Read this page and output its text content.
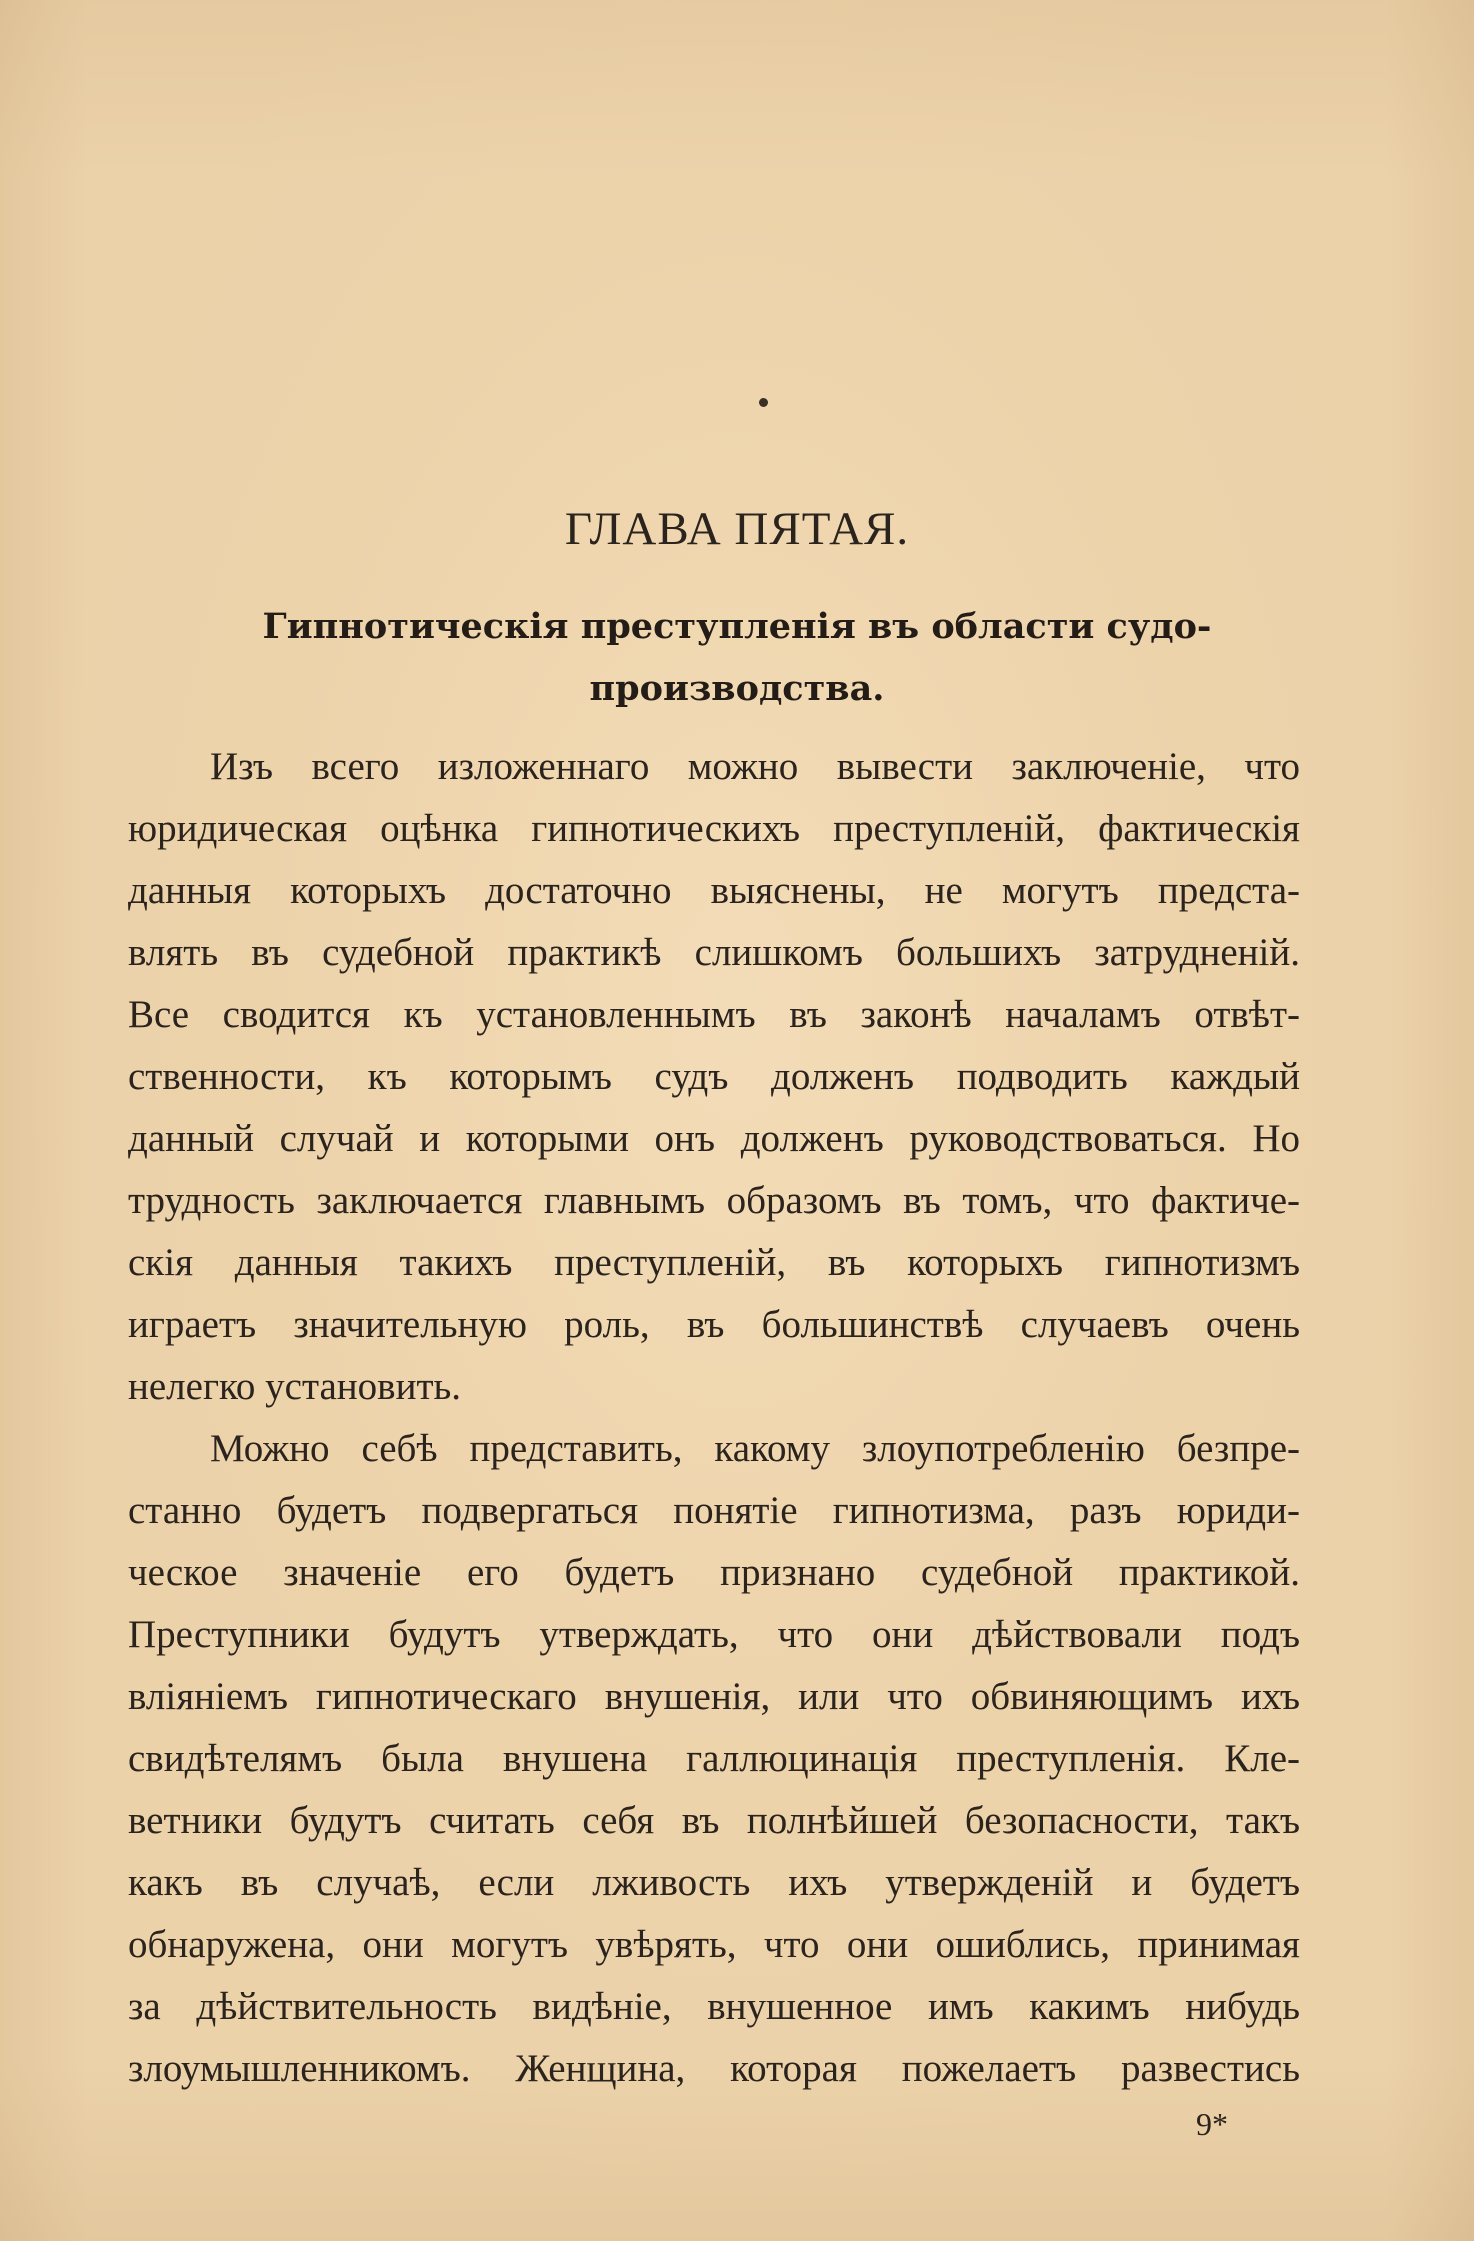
ГЛАВА ПЯТАЯ.
Гипнотическія преступленія въ области судо-
производства.
Изъ всего изложеннаго можно вывести заключеніе, что
юридическая оцѣнка гипнотическихъ преступленій, фактическія
данныя которыхъ достаточно выяснены, не могутъ предста-
влять въ судебной практикѣ слишкомъ большихъ затрудненій.
Все сводится къ установленнымъ въ законѣ началамъ отвѣт-
ственности, къ которымъ судъ долженъ подводить каждый
данный случай и которыми онъ долженъ руководствоваться. Но
трудность заключается главнымъ образомъ въ томъ, что фактиче-
скія данныя такихъ преступленій, въ которыхъ гипнотизмъ
играетъ значительную роль, въ большинствѣ случаевъ очень
нелегко установить.
Можно себѣ представить, какому злоупотребленію безпре-
станно будетъ подвергаться понятіе гипнотизма, разъ юриди-
ческое значеніе его будетъ признано судебной практикой.
Преступники будутъ утверждать, что они дѣйствовали подъ
вліяніемъ гипнотическаго внушенія, или что обвиняющимъ ихъ
свидѣтелямъ была внушена галлюцинація преступленія. Кле-
ветники будутъ считать себя въ полнѣйшей безопасности, такъ
какъ въ случаѣ, если лживость ихъ утвержденій и будетъ
обнаружена, они могутъ увѣрять, что они ошиблись, принимая
за дѣйствительность видѣніе, внушенное имъ какимъ нибудь
злоумышленникомъ. Женщина, которая пожелаетъ развестись
9*
